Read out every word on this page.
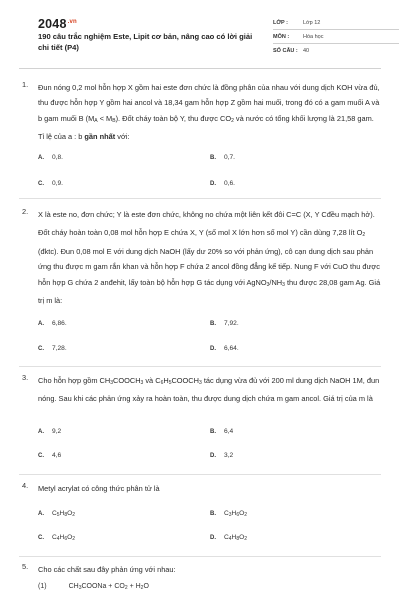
$2048^{.vn}$
190 câu trắc nghiệm Este, Lipit cơ bản, nâng cao có lời giải chi tiết (P4)
LỚP :	Lớp 12
MÔN :	Hóa học
SỐ CÂU : 40
1. Đun nóng 0,2 mol hỗn hợp X gồm hai este đơn chức là đồng phân của nhau với dung dịch KOH vừa đủ, thu được hỗn hợp Y gồm hai ancol và 18,34 gam hỗn hợp Z gồm hai muối, trong đó có a gam muối A và b gam muối B $(M_A < M_B)$. Đốt cháy toàn bộ Y, thu được $CO_2$ và nước có tổng khối lượng là 21,58 gam. Tỉ lệ của a : b gần nhất với:
A. 0,8.	B. 0,7.
C. 0,9.	D. 0,6.
2. X là este no, đơn chức; Y là este đơn chức, không no chứa một liên kết đôi C=C (X, Y Cđều mạch hở). Đốt cháy hoàn toàn 0,08 mol hỗn hợp E chứa X, Y (số mol X lớn hơn số mol Y) cần dùng 7,28 lít $O_2$ (đktc). Đun 0,08 mol E với dung dịch NaOH (lấy dư 20% so với phản ứng), cô cạn dung dịch sau phản ứng thu được m gam rắn khan và hỗn hợp F chứa 2 ancol đồng đẳng kế tiếp. Nung F với CuO thu được hỗn hợp G chứa 2 anđehit, lấy toàn bộ hỗn hợp G tác dụng với $AgNO_3/NH_3$ thu được 28,08 gam Ag. Giá trị m là:
A. 6,86.	B. 7,92.
C. 7,28.	D. 6,64.
3. Cho hỗn hợp gồm $CH_3COOCH_3$ và $C_6H_5COOCH_3$ tác dụng vừa đủ với 200 ml dung dịch NaOH 1M, đun nóng. Sau khi các phản ứng xảy ra hoàn toàn, thu được dung dịch chứa m gam ancol. Giá trị của m là
A. 9,2	B. 6,4
C. 4,6	D. 3,2
4. Metyl acrylat có công thức phân tử là
A. $C_5H_8O_2$	B. $C_3H_6O_2$
C. $C_4H_6O_2$	D. $C_4H_8O_2$
5. Cho các chất sau đây phản ứng với nhau:
(1)	$CH_3COONa + CO_2 + H_2O$
